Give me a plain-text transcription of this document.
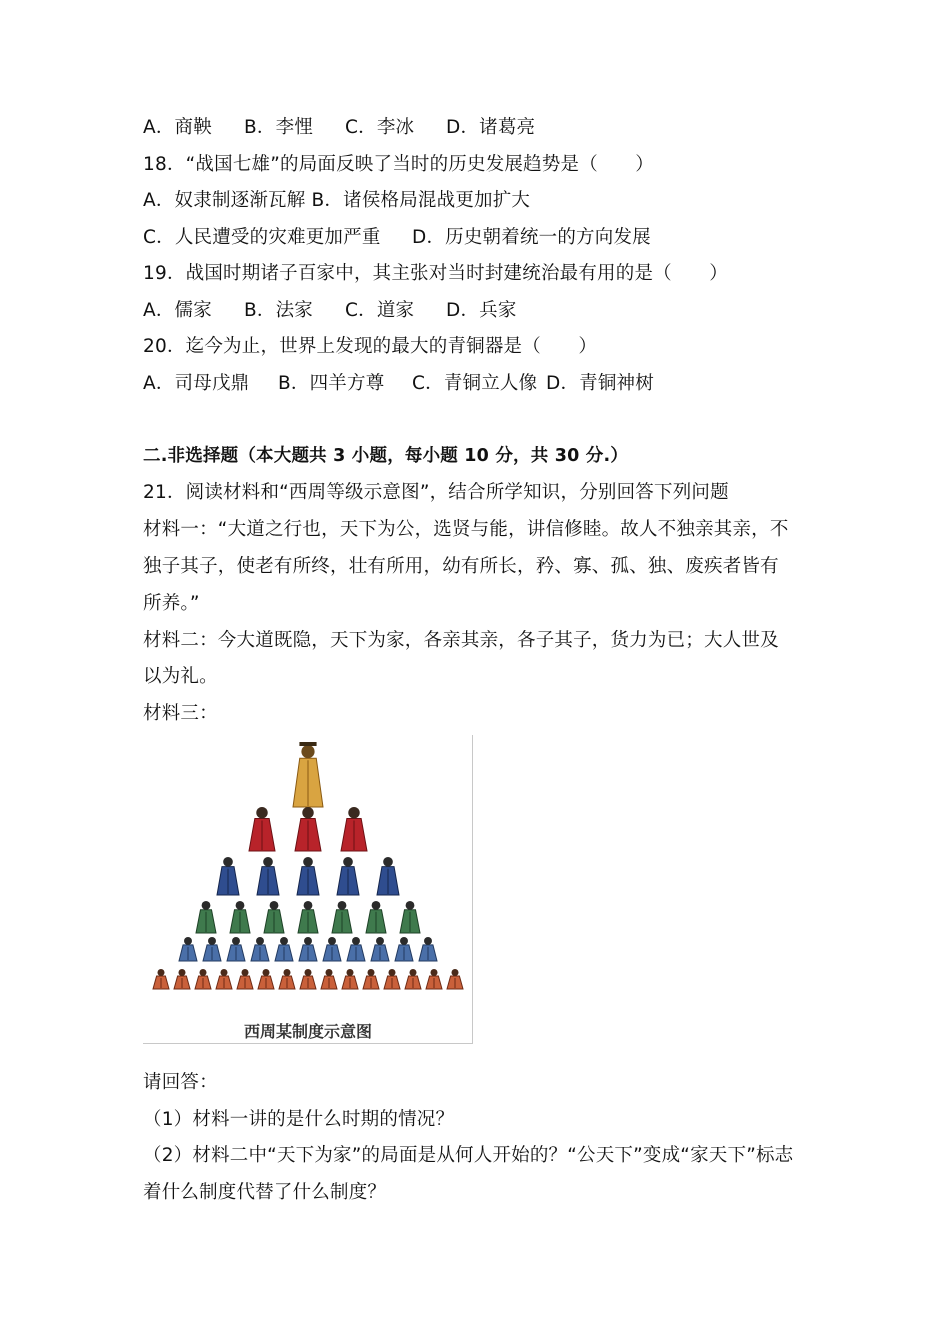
A．商鞅 B．李悝 C．李冰 D．诸葛亮
18．“战国七雄”的局面反映了当时的历史发展趋势是（　　）
A．奴隶制逐渐瓦解 B．诸侯格局混战更加扩大
C．人民遭受的灾难更加严重 D．历史朝着统一的方向发展
19．战国时期诸子百家中，其主张对当时封建统治最有用的是（　　）
A．儒家 B．法家 C．道家 D．兵家
20．迄今为止，世界上发现的最大的青铜器是（　　）
A．司母戊鼎 B．四羊方尊 C．青铜立人像 D．青铜神树
二.非选择题（本大题共 3 小题，每小题 10 分，共 30 分.）
21．阅读材料和“西周等级示意图”，结合所学知识，分别回答下列问题
材料一：“大道之行也，天下为公，选贤与能，讲信修睦。故人不独亲其亲，不
独子其子，使老有所终，壮有所用，幼有所长，矜、寡、孤、独、废疾者皆有
所养。”
材料二：今大道既隐，天下为家，各亲其亲，各子其子，货力为已；大人世及
以为礼。
材料三：
西周某制度示意图
请回答：
（1）材料一讲的是什么时期的情况？
（2）材料二中“天下为家”的局面是从何人开始的？“公天下”变成“家天下”标志
着什么制度代替了什么制度？
